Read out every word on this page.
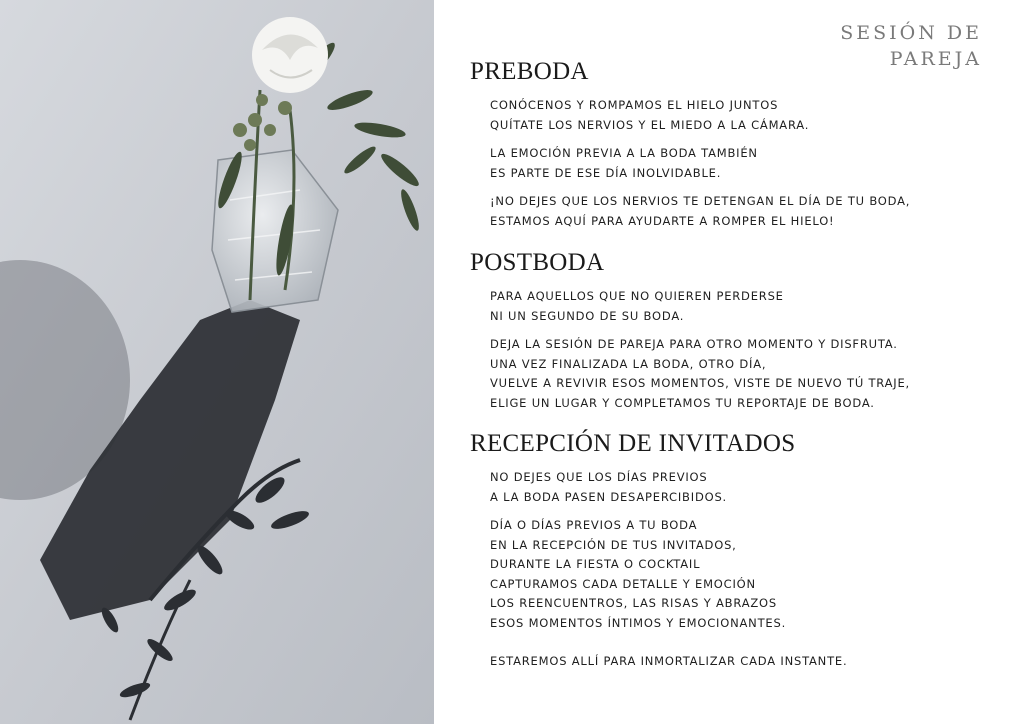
SESIÓN DE
PAREJA
PREBODA
CONÓCENOS Y ROMPAMOS EL HIELO JUNTOS
QUÍTATE LOS NERVIOS Y EL MIEDO A LA CÁMARA.
LA EMOCIÓN PREVIA A LA BODA TAMBIÉN
ES PARTE DE ESE DÍA INOLVIDABLE.
¡NO DEJES QUE LOS NERVIOS TE DETENGAN EL DÍA DE TU BODA,
ESTAMOS AQUÍ PARA AYUDARTE A ROMPER EL HIELO!
POSTBODA
PARA AQUELLOS QUE NO QUIEREN PERDERSE
NI UN SEGUNDO DE SU BODA.
DEJA LA SESIÓN DE PAREJA PARA OTRO MOMENTO Y DISFRUTA.
UNA VEZ FINALIZADA LA BODA, OTRO DÍA,
VUELVE A REVIVIR ESOS MOMENTOS, VISTE DE NUEVO TÚ TRAJE,
ELIGE UN LUGAR Y COMPLETAMOS TU REPORTAJE DE BODA.
RECEPCIÓN DE INVITADOS
NO DEJES QUE LOS DÍAS PREVIOS
A LA BODA PASEN DESAPERCIBIDOS.
DÍA O DÍAS PREVIOS A TU BODA
EN LA RECEPCIÓN DE TUS INVITADOS,
DURANTE LA FIESTA O COCKTAIL
CAPTURAMOS CADA DETALLE Y EMOCIÓN
LOS REENCUENTROS, LAS RISAS Y ABRAZOS
ESOS MOMENTOS ÍNTIMOS Y EMOCIONANTES.
ESTAREMOS ALLÍ PARA INMORTALIZAR CADA INSTANTE.
